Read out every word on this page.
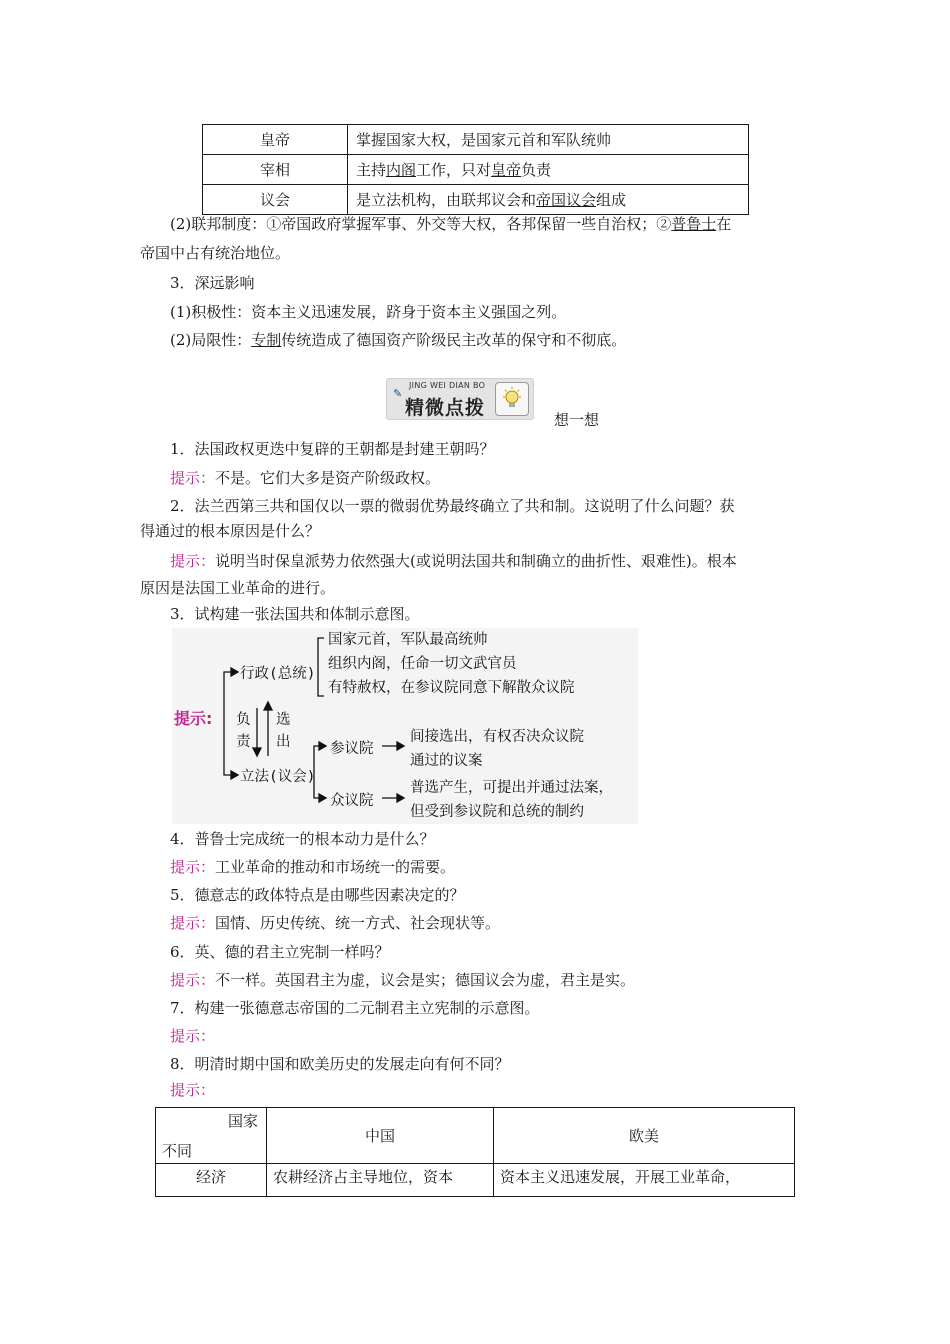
皇帝	掌握国家大权，是国家元首和军队统帅
宰相	主持内阁工作，只对皇帝负责
议会	是立法机构，由联邦议会和帝国议会组成
(2)联邦制度：①帝国政府掌握军事、外交等大权，各邦保留一些自治权；②普鲁士在
帝国中占有统治地位。
3．深远影响
(1)积极性：资本主义迅速发展，跻身于资本主义强国之列。
(2)局限性：专制传统造成了德国资产阶级民主改革的保守和不彻底。
✎
JING WEI DIAN BO
精微点拨
想一想
1．法国政权更迭中复辟的王朝都是封建王朝吗？
提示：不是。它们大多是资产阶级政权。
2．法兰西第三共和国仅以一票的微弱优势最终确立了共和制。这说明了什么问题？获
得通过的根本原因是什么？
提示：说明当时保皇派势力依然强大(或说明法国共和制确立的曲折性、艰难性)。根本
原因是法国工业革命的进行。
3．试构建一张法国共和体制示意图。
提示:
行政(总统)
国家元首，军队最高统帅
组织内阁，任命一切文武官员
有特赦权，在参议院同意下解散众议院
负
责
选
出
立法(议会)
参议院
间接选出，有权否决众议院
通过的议案
众议院
普选产生，可提出并通过法案，
但受到参议院和总统的制约
4．普鲁士完成统一的根本动力是什么？
提示：工业革命的推动和市场统一的需要。
5．德意志的政体特点是由哪些因素决定的？
提示：国情、历史传统、统一方式、社会现状等。
6．英、德的君主立宪制一样吗？
提示：不一样。英国君主为虚，议会是实；德国议会为虚，君主是实。
7．构建一张德意志帝国的二元制君主立宪制的示意图。
提示：
8．明清时期中国和欧美历史的发展走向有何不同？
提示：
国家
不同	中国	欧美
经济	农耕经济占主导地位，资本	资本主义迅速发展，开展工业革命，
